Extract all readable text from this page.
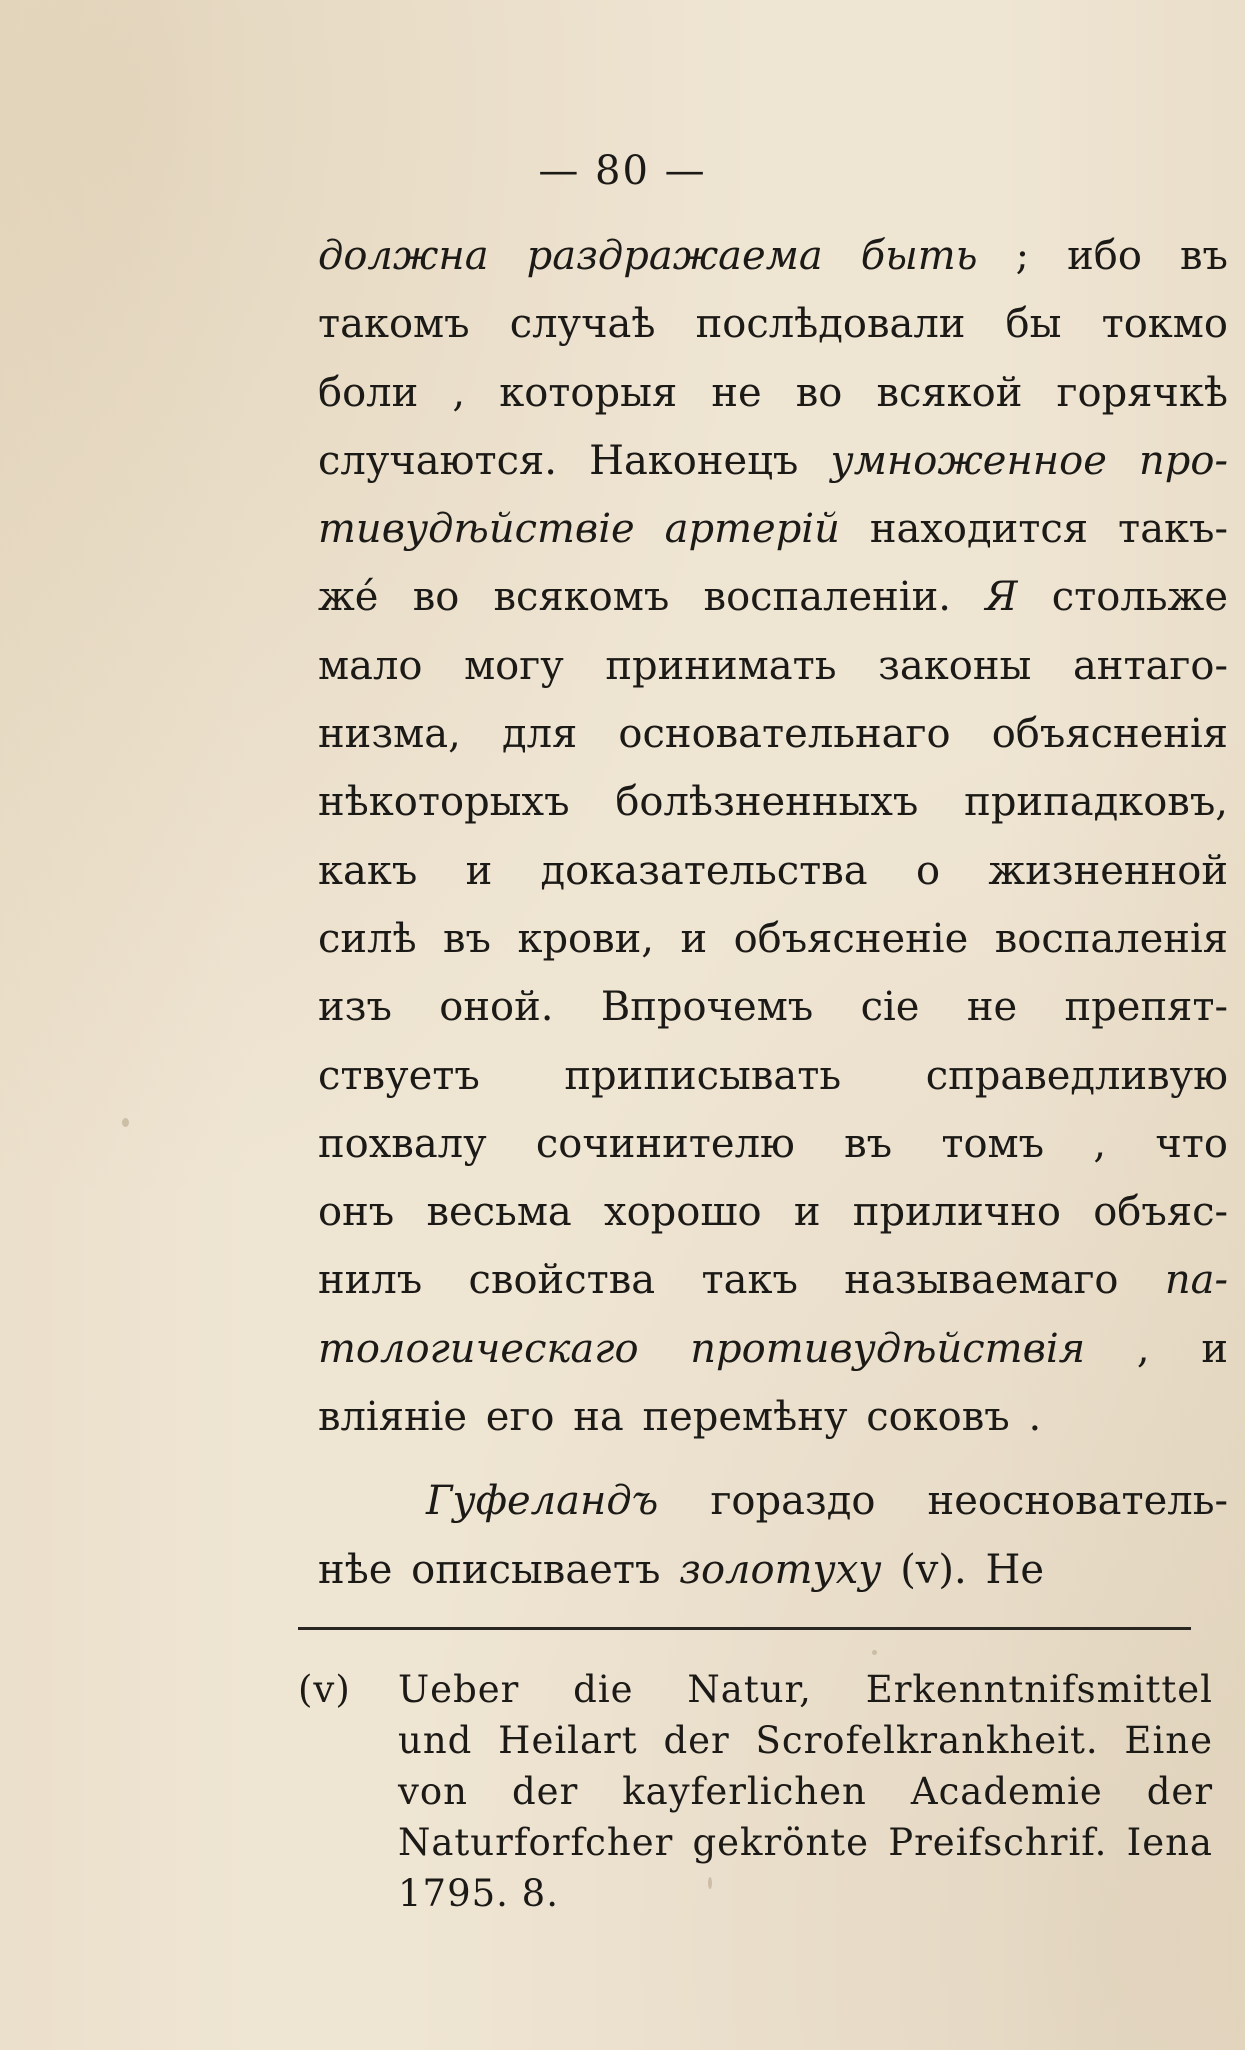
— 80 —
должна раздражаема быть ; ибо въ
такомъ случаѣ послѣдовали бы токмо
боли , которыя не во всякой горячкѣ
случаются. Наконецъ умноженное про-
тивудѣйствіе артерій находится такъ-
жé во всякомъ воспаленіи. Я стольже
мало могу принимать законы антаго-
низма, для основательнаго объясненія
нѣкоторыхъ болѣзненныхъ припадковъ,
какъ и доказательства о жизненной
силѣ въ крови, и объясненіе воспаленія
изъ оной. Впрочемъ сіе не препят-
ствуетъ приписывать справедливую
похвалу сочинителю въ томъ , что
онъ весьма хорошо и прилично объяс-
нилъ свойства такъ называемаго па-
тологическаго противудѣйствія , и
вліяніе его на перемѣну соковъ .
Гуфеландъ гораздо неоснователь-
нѣе описываетъ золотуху (v). Не
(v) Ueber die Natur, Erkenntnifsmittel
und Heilart der Scrofelkrankheit. Eine
von der kayferlichen Academie der
Naturforfcher gekrönte Preifschrif. Iena
1795. 8.
